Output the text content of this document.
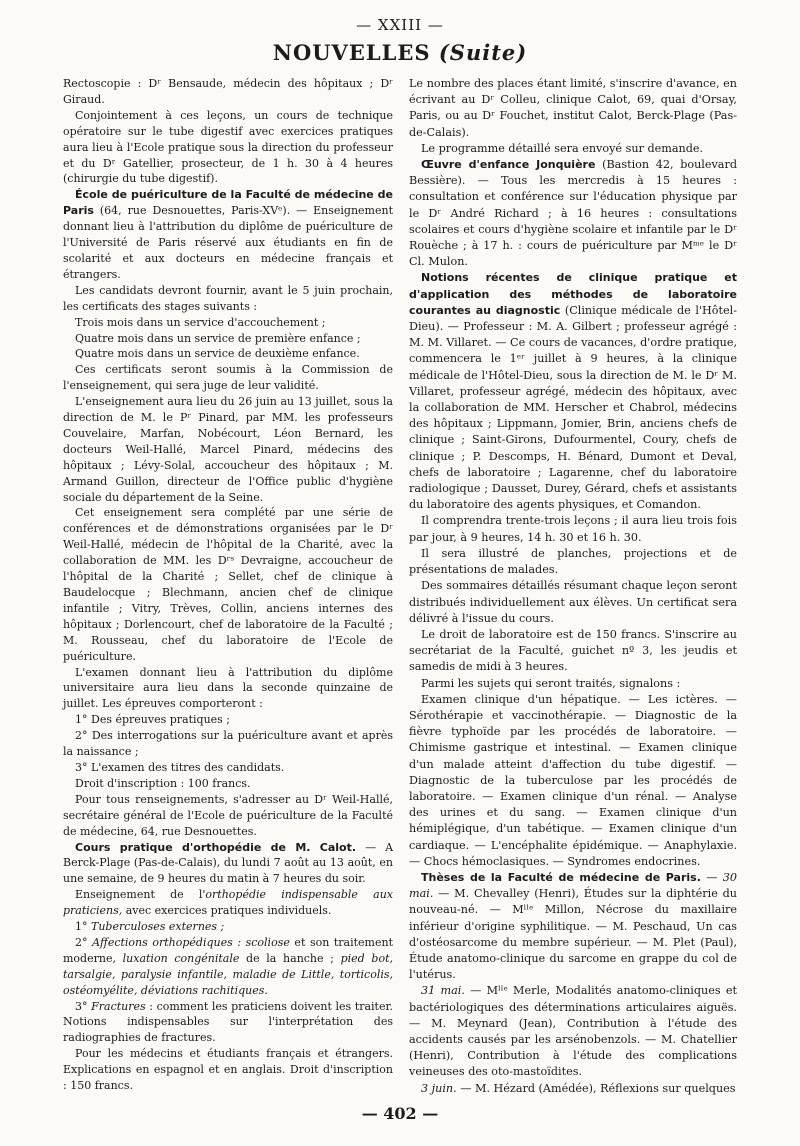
— XXIII —
NOUVELLES (Suite)

Rectoscopie : Dʳ Bensaude, médecin des hôpitaux ; Dʳ Giraud.

Conjointement à ces leçons, un cours de technique opératoire sur le tube digestif avec exercices pratiques aura lieu à l'Ecole pratique sous la direction du professeur et du Dʳ Gatellier, prosecteur, de 1 h. 30 à 4 heures (chirurgie du tube digestif).

École de puériculture de la Faculté de médecine de Paris (64, rue Desnouettes, Paris-XVᵉ). — Enseignement donnant lieu à l'attribution du diplôme de puériculture de l'Université de Paris réservé aux étudiants en fin de scolarité et aux docteurs en médecine français et étrangers.

Les candidats devront fournir, avant le 5 juin prochain, les certificats des stages suivants :

Trois mois dans un service d'accouchement ;

Quatre mois dans un service de première enfance ;

Quatre mois dans un service de deuxième enfance.

Ces certificats seront soumis à la Commission de l'enseignement, qui sera juge de leur validité.

L'enseignement aura lieu du 26 juin au 13 juillet, sous la direction de M. le Pʳ Pinard, par MM. les professeurs Couvelaire, Marfan, Nobécourt, Léon Bernard, les docteurs Weil-Hallé, Marcel Pinard, médecins des hôpitaux ; Lévy-Solal, accoucheur des hôpitaux ; M. Armand Guillon, directeur de l'Office public d'hygiène sociale du département de la Seine.

Cet enseignement sera complété par une série de conférences et de démonstrations organisées par le Dʳ Weil-Hallé, médecin de l'hôpital de la Charité, avec la collaboration de MM. les Dʳˢ Devraigne, accoucheur de l'hôpital de la Charité ; Sellet, chef de clinique à Baudelocque ; Blechmann, ancien chef de clinique infantile ; Vitry, Trèves, Collin, anciens internes des hôpitaux ; Dorlencourt, chef de laboratoire de la Faculté ; M. Rousseau, chef du laboratoire de l'Ecole de puériculture.

L'examen donnant lieu à l'attribution du diplôme universitaire aura lieu dans la seconde quinzaine de juillet. Les épreuves comporteront :

1° Des épreuves pratiques ;

2° Des interrogations sur la puériculture avant et après la naissance ;

3° L'examen des titres des candidats.

Droit d'inscription : 100 francs.

Pour tous renseignements, s'adresser au Dʳ Weil-Hallé, secrétaire général de l'Ecole de puériculture de la Faculté de médecine, 64, rue Desnouettes.

Cours pratique d'orthopédie de M. Calot. — A Berck-Plage (Pas-de-Calais), du lundi 7 août au 13 août, en une semaine, de 9 heures du matin à 7 heures du soir.

Enseignement de l'orthopédie indispensable aux praticiens, avec exercices pratiques individuels.

1° Tuberculoses externes ;

2° Affections orthopédiques : scoliose et son traitement moderne, luxation congénitale de la hanche ; pied bot, tarsalgie, paralysie infantile, maladie de Little, torticolis, ostéomyélite, déviations rachitiques.

3° Fractures : comment les praticiens doivent les traiter. Notions indispensables sur l'interprétation des radiographies de fractures.

Pour les médecins et étudiants français et étrangers. Explications en espagnol et en anglais. Droit d'inscription : 150 francs.

Le nombre des places étant limité, s'inscrire d'avance, en écrivant au Dʳ Colleu, clinique Calot, 69, quai d'Orsay, Paris, ou au Dʳ Fouchet, institut Calot, Berck-Plage (Pas-de-Calais).

Le programme détaillé sera envoyé sur demande.

Œuvre d'enfance Jonquière (Bastion 42, boulevard Bessière). — Tous les mercredis à 15 heures : consultation et conférence sur l'éducation physique par le Dʳ André Richard ; à 16 heures : consultations scolaires et cours d'hygiène scolaire et infantile par le Dʳ Rouèche ; à 17 h. : cours de puériculture par Mᵐᵉ le Dʳ Cl. Mulon.

Notions récentes de clinique pratique et d'application des méthodes de laboratoire courantes au diagnostic (Clinique médicale de l'Hôtel-Dieu). — Professeur : M. A. Gilbert ; professeur agrégé : M. M. Villaret. — Ce cours de vacances, d'ordre pratique, commencera le 1ᵉʳ juillet à 9 heures, à la clinique médicale de l'Hôtel-Dieu, sous la direction de M. le Dʳ M. Villaret, professeur agrégé, médecin des hôpitaux, avec la collaboration de MM. Herscher et Chabrol, médecins des hôpitaux ; Lippmann, Jomier, Brin, anciens chefs de clinique ; Saint-Girons, Dufourmentel, Coury, chefs de clinique ; P. Descomps, H. Bénard, Dumont et Deval, chefs de laboratoire ; Lagarenne, chef du laboratoire radiologique ; Dausset, Durey, Gérard, chefs et assistants du laboratoire des agents physiques, et Comandon.

Il comprendra trente-trois leçons ; il aura lieu trois fois par jour, à 9 heures, 14 h. 30 et 16 h. 30.

Il sera illustré de planches, projections et de présentations de malades.

Des sommaires détaillés résumant chaque leçon seront distribués individuellement aux élèves. Un certificat sera délivré à l'issue du cours.

Le droit de laboratoire est de 150 francs. S'inscrire au secrétariat de la Faculté, guichet nº 3, les jeudis et samedis de midi à 3 heures.

Parmi les sujets qui seront traités, signalons :

Examen clinique d'un hépatique. — Les ictères. — Sérothérapie et vaccinothérapie. — Diagnostic de la fièvre typhoïde par les procédés de laboratoire. — Chimisme gastrique et intestinal. — Examen clinique d'un malade atteint d'affection du tube digestif. — Diagnostic de la tuberculose par les procédés de laboratoire. — Examen clinique d'un rénal. — Analyse des urines et du sang. — Examen clinique d'un hémiplégique, d'un tabétique. — Examen clinique d'un cardiaque. — L'encéphalite épidémique. — Anaphylaxie. — Chocs hémoclasiques. — Syndromes endocrines.

Thèses de la Faculté de médecine de Paris. — 30 mai. — M. Chevalley (Henri), Études sur la diphtérie du nouveau-né. — Mˡˡᵉ Millon, Nécrose du maxillaire inférieur d'origine syphilitique. — M. Peschaud, Un cas d'ostéosarcome du membre supérieur. — M. Plet (Paul), Étude anatomo-clinique du sarcome en grappe du col de l'utérus.

31 mai. — Mˡˡᵉ Merle, Modalités anatomo-cliniques et bactériologiques des déterminations articulaires aiguës. — M. Meynard (Jean), Contribution à l'étude des accidents causés par les arsénobenzols. — M. Chatellier (Henri), Contribution à l'étude des complications veineuses des oto-mastoïdites.

3 juin. — M. Hézard (Amédée), Réflexions sur quelques

— 402 —
